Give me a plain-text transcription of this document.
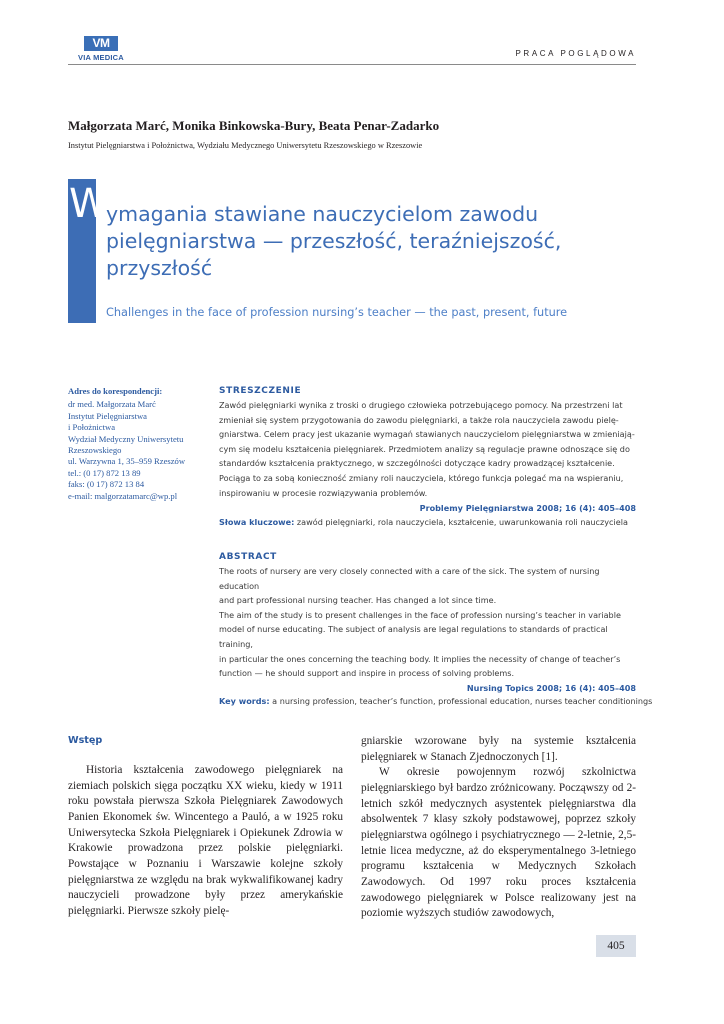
VM
VIA MEDICA	PRACA POGLĄDOWA
Małgorzata Marć, Monika Binkowska-Bury, Beata Penar-Zadarko
Instytut Pielęgniarstwa i Położnictwa, Wydziału Medycznego Uniwersytetu Rzeszowskiego w Rzeszowie
W
ymagania stawiane nauczycielom zawodu pielęgniarstwa — przeszłość, teraźniejszość, przyszłość
Challenges in the face of profession nursing’s teacher — the past, present, future
Adres do korespondencji:
dr med. Małgorzata Marć
Instytut Pielęgniarstwa
i Położnictwa
Wydział Medyczny Uniwersytetu
Rzeszowskiego
ul. Warzywna 1, 35–959 Rzeszów
tel.: (0 17) 872 13 89
faks: (0 17) 872 13 84
e-mail: malgorzatamarc@wp.pl
STRESZCZENIE
Zawód pielęgniarki wynika z troski o drugiego człowieka potrzebującego pomocy. Na przestrzeni lat
zmieniał się system przygotowania do zawodu pielęgniarki, a także rola nauczyciela zawodu pielę-
gniarstwa. Celem pracy jest ukazanie wymagań stawianych nauczycielom pielęgniarstwa w zmieniają-
cym się modelu kształcenia pielęgniarek. Przedmiotem analizy są regulacje prawne odnoszące się do
standardów kształcenia praktycznego, w szczególności dotyczące kadry prowadzącej kształcenie.
Pociąga to za sobą konieczność zmiany roli nauczyciela, którego funkcja polegać ma na wspieraniu,
inspirowaniu w procesie rozwiązywania problemów.
Problemy Pielęgniarstwa 2008; 16 (4): 405–408
Słowa kluczowe: zawód pielęgniarki, rola nauczyciela, kształcenie, uwarunkowania roli nauczyciela
ABSTRACT
The roots of nursery are very closely connected with a care of the sick. The system of nursing education
and part professional nursing teacher. Has changed a lot since time.
The aim of the study is to present challenges in the face of profession nursing’s teacher in variable
model of nurse educating. The subject of analysis are legal regulations to standards of practical training,
in particular the ones concerning the teaching body. It implies the necessity of change of teacher’s
function — he should support and inspire in process of solving problems.
Nursing Topics 2008; 16 (4): 405–408
Key words: a nursing profession, teacher’s function, professional education, nurses teacher conditionings
Wstęp
Historia kształcenia zawodowego pielęgniarek na ziemiach polskich sięga początku XX wieku, kiedy w 1911 roku powstała pierwsza Szkoła Pielęgniarek Zawodowych Panien Ekonomek św. Wincentego a Pauló, a w 1925 roku Uniwersytecka Szkoła Pielęgniarek i Opiekunek Zdrowia w Krakowie prowadzona przez polskie pielęgniarki. Powstające w Poznaniu i Warszawie kolejne szkoły pielęgniarstwa ze względu na brak wykwalifikowanej kadry nauczycieli prowadzone były przez amerykańskie pielęgniarki. Pierwsze szkoły pielę-
gniarskie wzorowane były na systemie kształcenia pielęgniarek w Stanach Zjednoczonych [1].
W okresie powojennym rozwój szkolnictwa pielęgniarskiego był bardzo zróżnicowany. Począwszy od 2-letnich szkół medycznych asystentek pielęgniarstwa dla absolwentek 7 klasy szkoły podstawowej, poprzez szkoły pielęgniarstwa ogólnego i psychiatrycznego — 2-letnie, 2,5-letnie licea medyczne, aż do eksperymentalnego 3-letniego programu kształcenia w Medycznych Szkołach Zawodowych. Od 1997 roku proces kształcenia zawodowego pielęgniarek w Polsce realizowany jest na poziomie wyższych studiów zawodowych,
405
